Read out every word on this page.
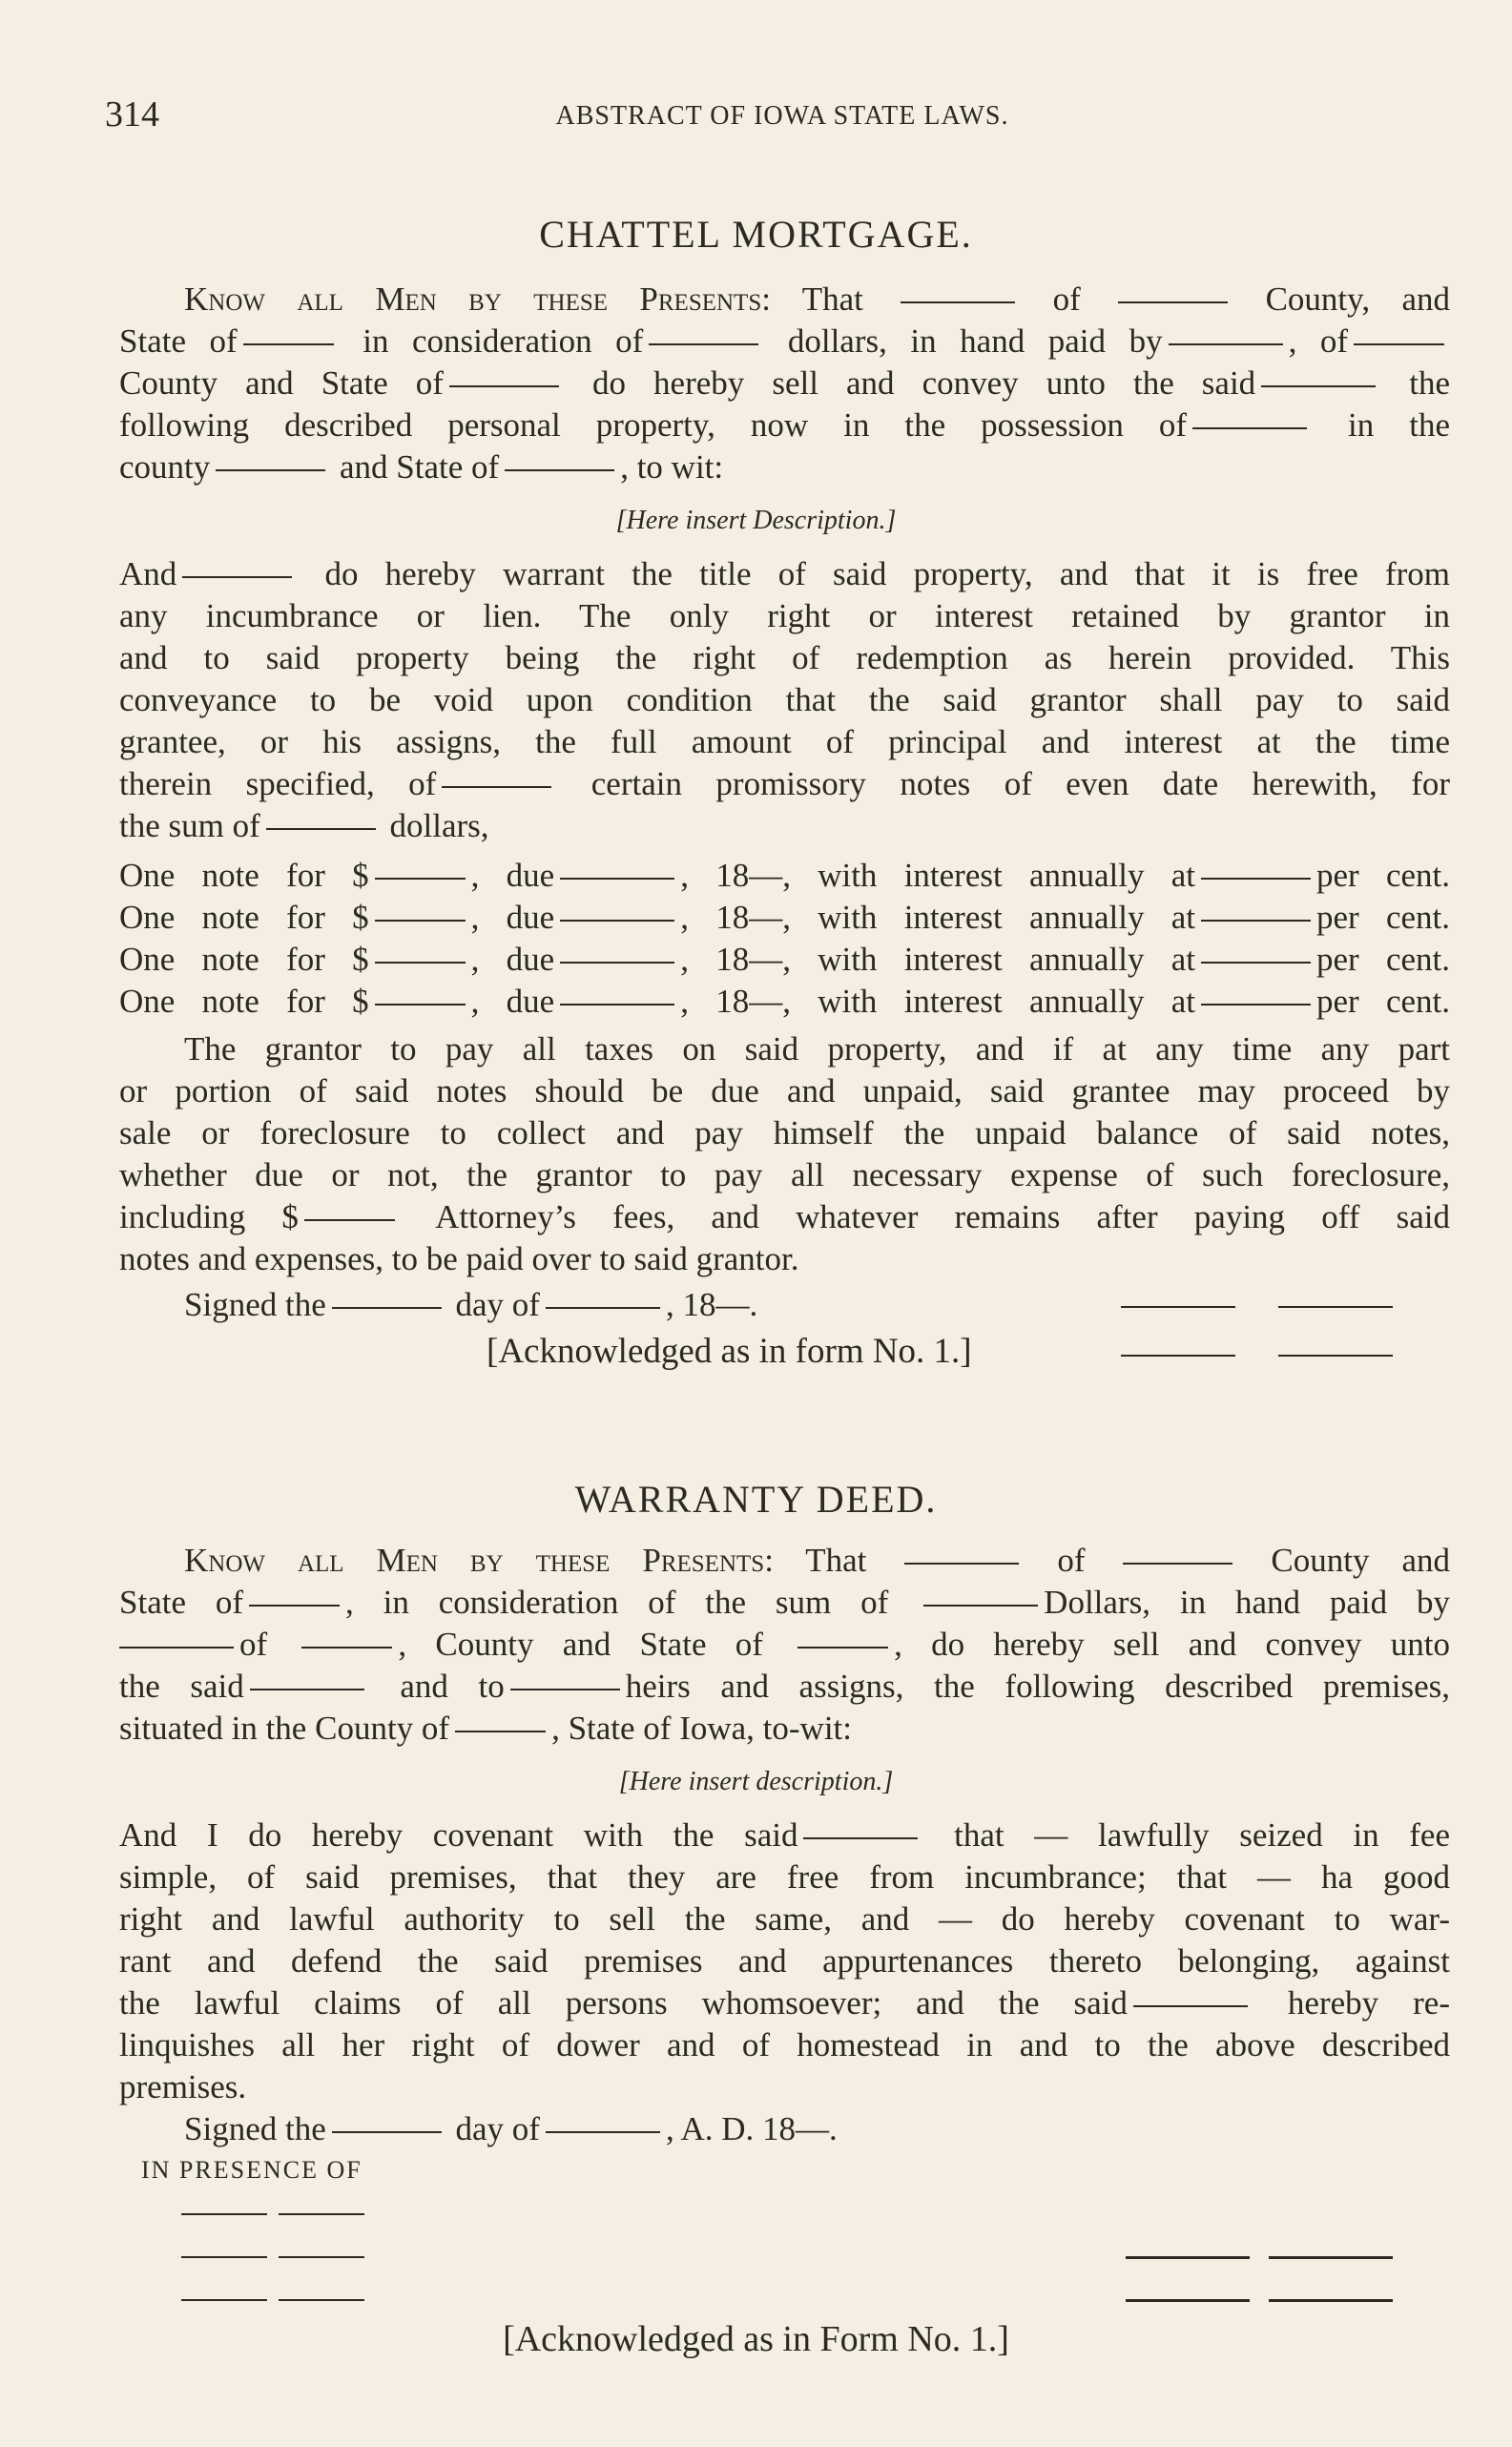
314	ABSTRACT OF IOWA STATE LAWS.
CHATTEL MORTGAGE.
Know all Men by these Presents: That	of	County, and
State of	in consideration of	dollars, in hand paid by	, of
County and State of	do hereby sell and convey unto the said	the
following described personal property, now in the possession of	in the
county	and State of	, to wit:
[Here insert Description.]
And	do hereby warrant the title of said property, and that it is free from
any incumbrance or lien. The only right or interest retained by grantor in
and to said property being the right of redemption as herein provided. This
conveyance to be void upon condition that the said grantor shall pay to said
grantee, or his assigns, the full amount of principal and interest at the time
therein specified, of	certain promissory notes of even date herewith, for
the sum of	dollars,
One note for $	, due	, 18—, with interest annually at	per cent.
One note for $	, due	, 18—, with interest annually at	per cent.
One note for $	, due	, 18—, with interest annually at	per cent.
One note for $	, due	, 18—, with interest annually at	per cent.
The grantor to pay all taxes on said property, and if at any time any part
or portion of said notes should be due and unpaid, said grantee may proceed by
sale or foreclosure to collect and pay himself the unpaid balance of said notes,
whether due or not, the grantor to pay all necessary expense of such foreclosure,
including $	Attorney’s fees, and whatever remains after paying off said
notes and expenses, to be paid over to said grantor.
Signed the	day of	, 18—.
[Acknowledged as in form No. 1.]
WARRANTY DEED.
Know all Men by these Presents: That	of	County and
State of	, in consideration of the sum of	Dollars, in hand paid by
of	, County and State of	, do hereby sell and convey unto
the said	and to	heirs and assigns, the following described premises,
situated in the County of	, State of Iowa, to-wit:
[Here insert description.]
And I do hereby covenant with the said	that — lawfully seized in fee
simple, of said premises, that they are free from incumbrance; that — ha good
right and lawful authority to sell the same, and — do hereby covenant to war-
rant and defend the said premises and appurtenances thereto belonging, against
the lawful claims of all persons whomsoever; and the said	hereby re-
linquishes all her right of dower and of homestead in and to the above described
premises.
Signed the	day of	, A. D. 18—.
IN PRESENCE OF
[Acknowledged as in Form No. 1.]
